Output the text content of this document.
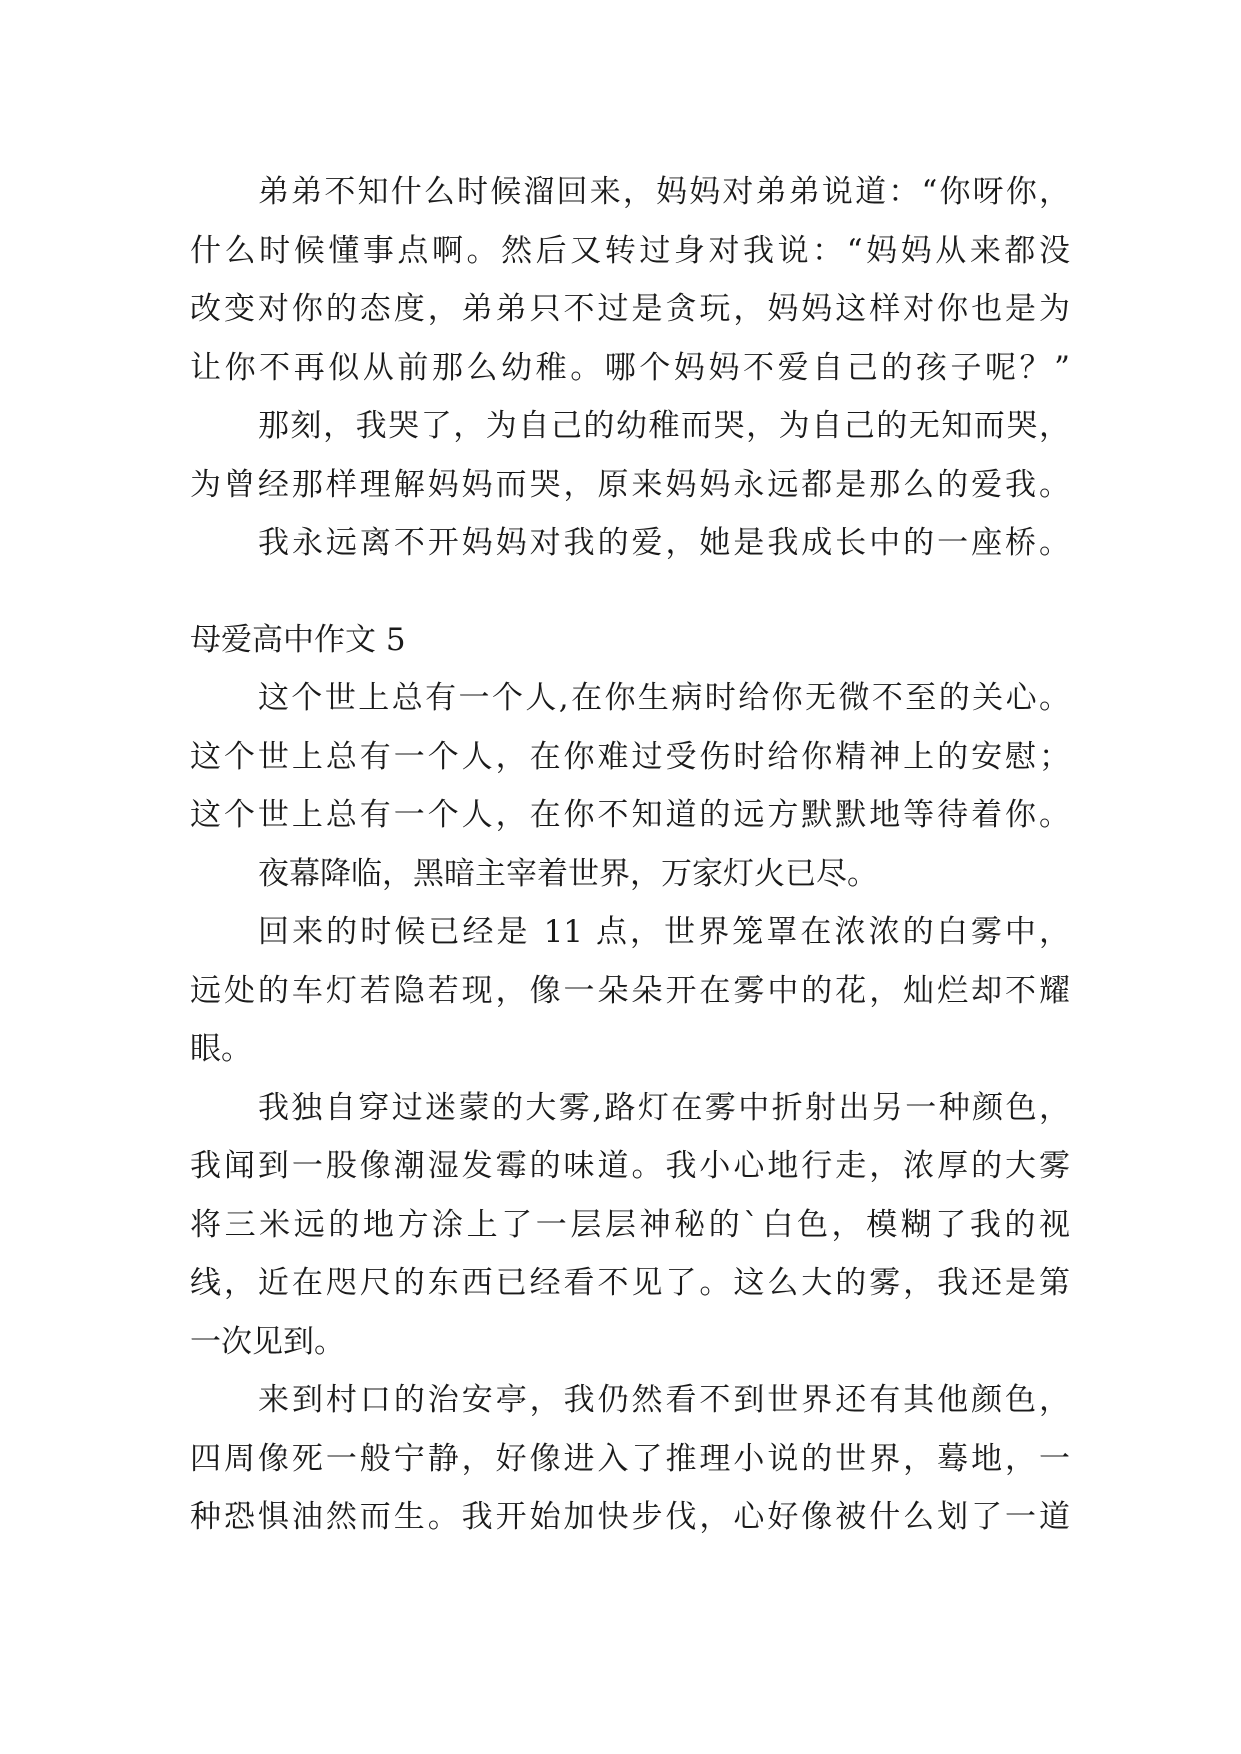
弟弟不知什么时候溜回来，妈妈对弟弟说道：“你呀你，
什么时候懂事点啊。然后又转过身对我说：“妈妈从来都没
改变对你的态度，弟弟只不过是贪玩，妈妈这样对你也是为
让你不再似从前那么幼稚。哪个妈妈不爱自己的孩子呢？”
那刻，我哭了，为自己的幼稚而哭，为自己的无知而哭，
为曾经那样理解妈妈而哭，原来妈妈永远都是那么的爱我。
我永远离不开妈妈对我的爱，她是我成长中的一座桥。
母爱高中作文 5
这个世上总有一个人,在你生病时给你无微不至的关心。
这个世上总有一个人，在你难过受伤时给你精神上的安慰；
这个世上总有一个人，在你不知道的远方默默地等待着你。
夜幕降临，黑暗主宰着世界，万家灯火已尽。
回来的时候已经是 11 点，世界笼罩在浓浓的白雾中，
远处的车灯若隐若现，像一朵朵开在雾中的花，灿烂却不耀
眼。
我独自穿过迷蒙的大雾,路灯在雾中折射出另一种颜色，
我闻到一股像潮湿发霉的味道。我小心地行走，浓厚的大雾
将三米远的地方涂上了一层层神秘的`白色，模糊了我的视
线，近在咫尺的东西已经看不见了。这么大的雾，我还是第
一次见到。
来到村口的治安亭，我仍然看不到世界还有其他颜色，
四周像死一般宁静，好像进入了推理小说的世界，蓦地，一
种恐惧油然而生。我开始加快步伐，心好像被什么划了一道
